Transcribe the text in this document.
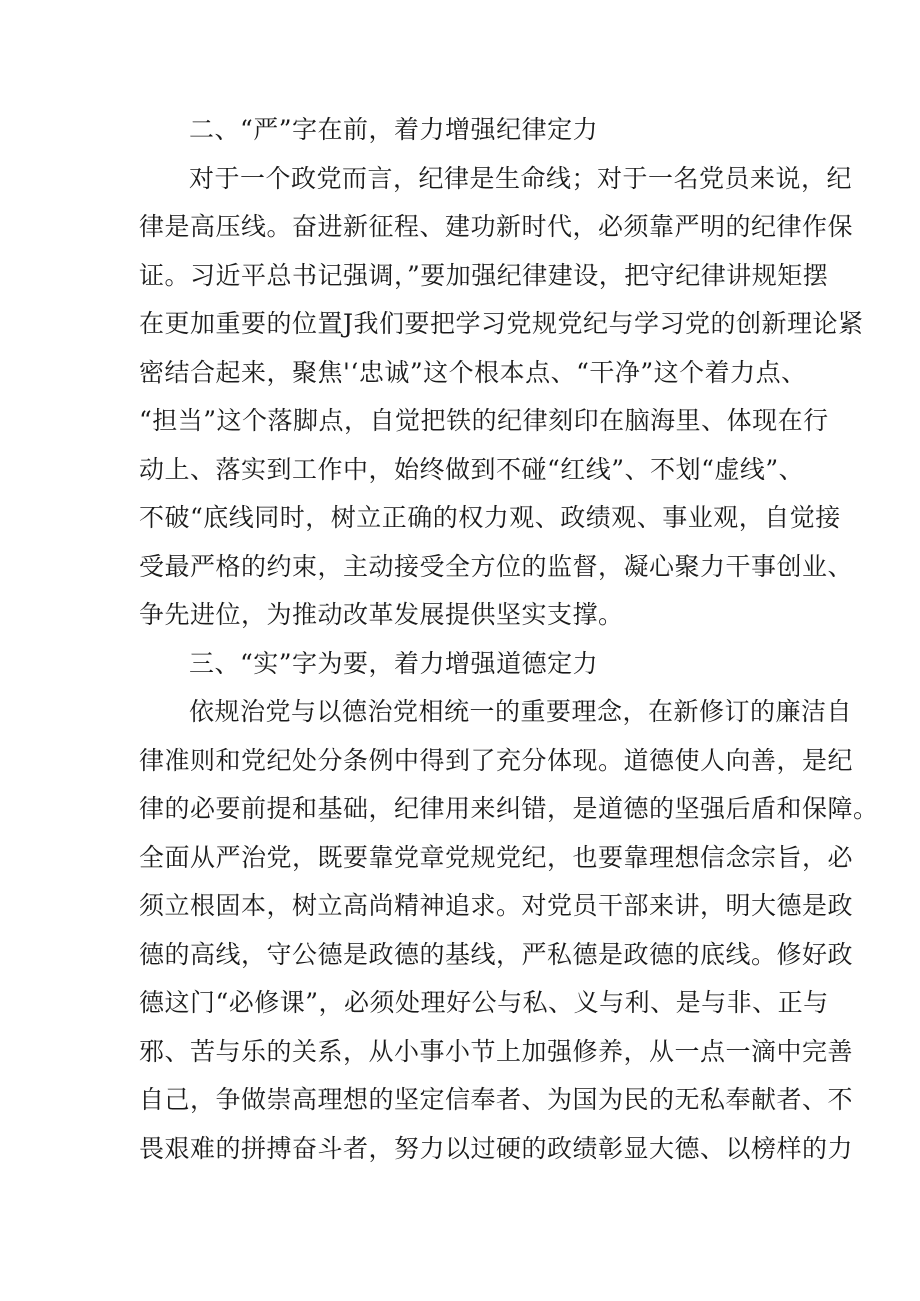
二、“严”字在前，着力增强纪律定力
对于一个政党而言，纪律是生命线；对于一名党员来说，纪
律是高压线。奋进新征程、建功新时代，必须靠严明的纪律作保
证。习近平总书记强调，”要加强纪律建设，把守纪律讲规矩摆
在更加重要的位置J我们要把学习党规党纪与学习党的创新理论紧
密结合起来，聚焦'‘忠诚”这个根本点、“干净”这个着力点、
“担当”这个落脚点，自觉把铁的纪律刻印在脑海里、体现在行
动上、落实到工作中，始终做到不碰“红线”、不划“虚线”、
不破“底线同时，树立正确的权力观、政绩观、事业观，自觉接
受最严格的约束，主动接受全方位的监督，凝心聚力干事创业、
争先进位，为推动改革发展提供坚实支撑。
三、“实”字为要，着力增强道德定力
依规治党与以德治党相统一的重要理念，在新修订的廉洁自
律准则和党纪处分条例中得到了充分体现。道德使人向善，是纪
律的必要前提和基础，纪律用来纠错，是道德的坚强后盾和保障。
全面从严治党，既要靠党章党规党纪，也要靠理想信念宗旨，必
须立根固本，树立高尚精神追求。对党员干部来讲，明大德是政
德的高线，守公德是政德的基线，严私德是政德的底线。修好政
德这门“必修课”，必须处理好公与私、义与利、是与非、正与
邪、苦与乐的关系，从小事小节上加强修养，从一点一滴中完善
自己，争做崇高理想的坚定信奉者、为国为民的无私奉献者、不
畏艰难的拼搏奋斗者，努力以过硬的政绩彰显大德、以榜样的力
